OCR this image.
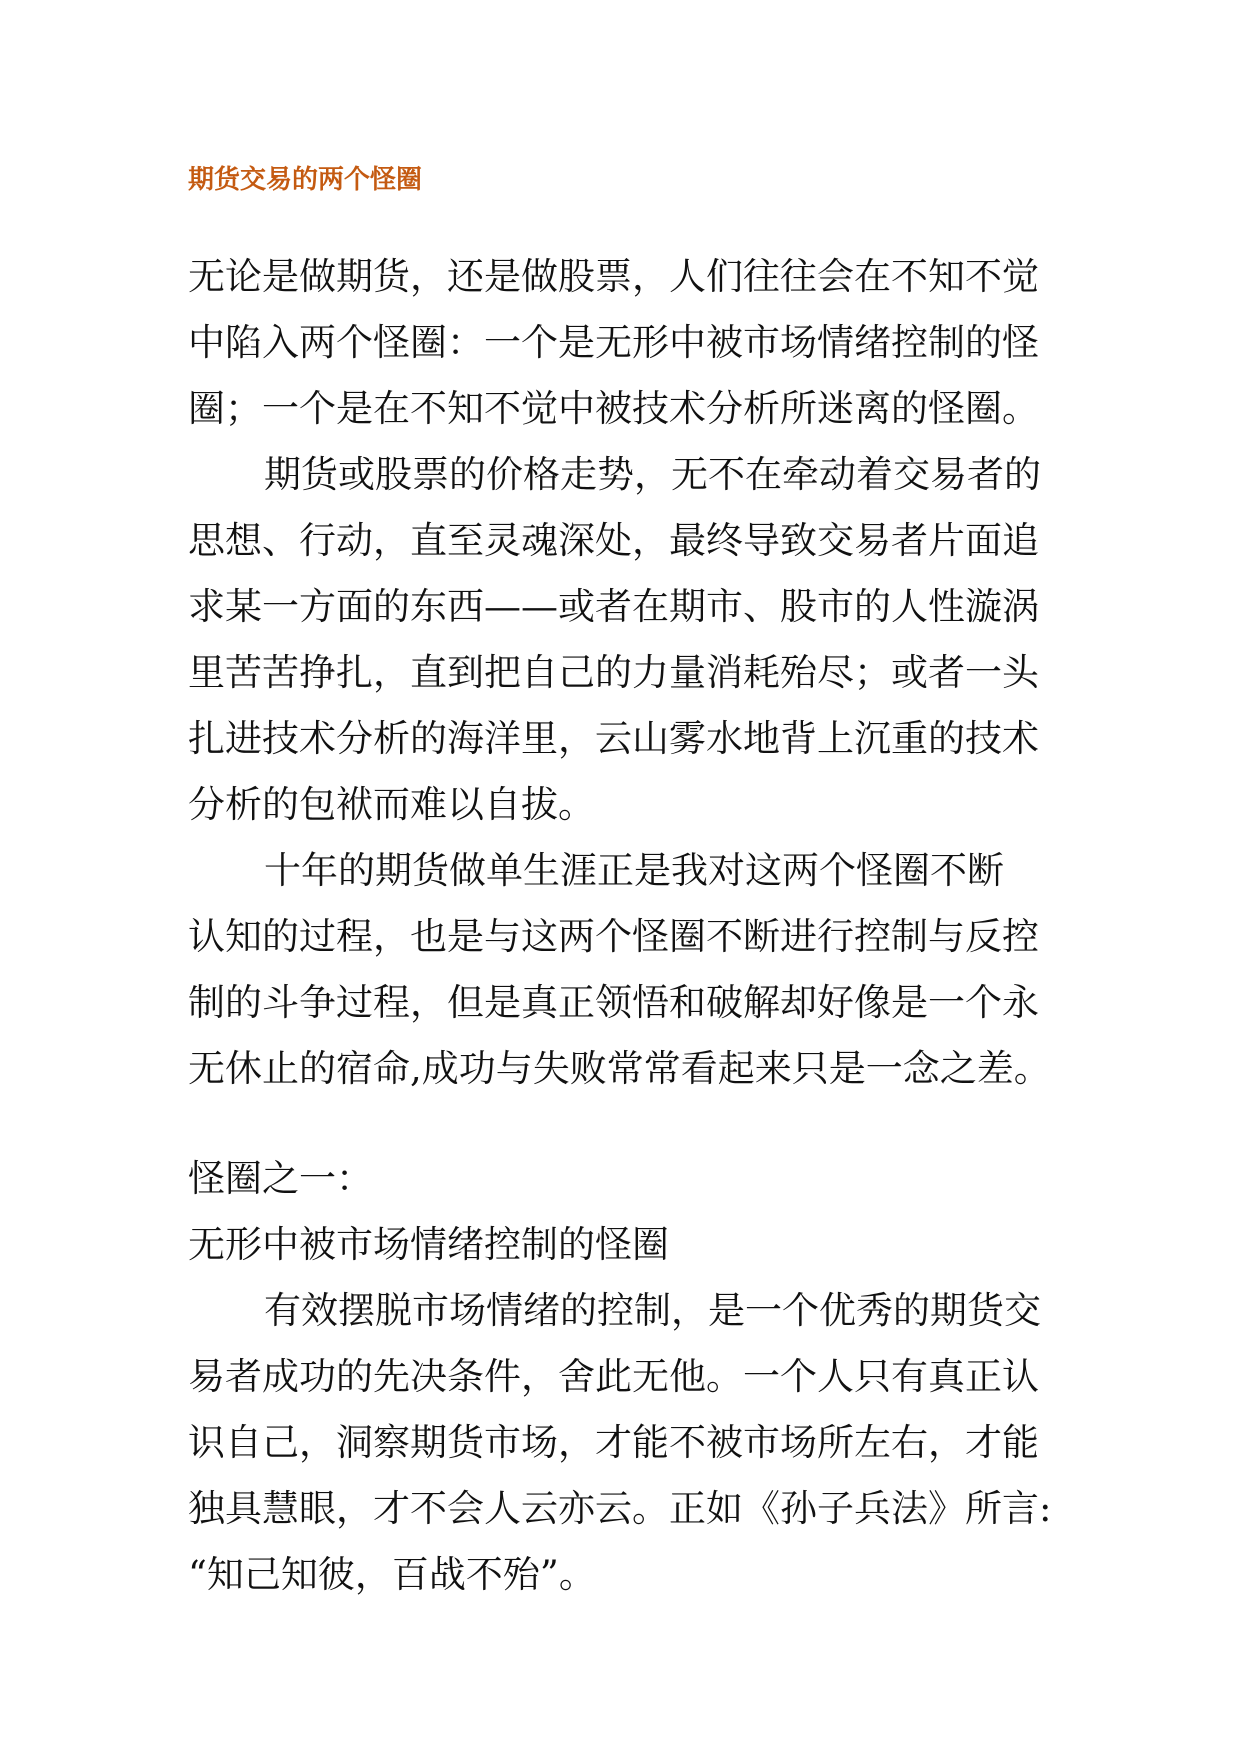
期货交易的两个怪圈
无论是做期货，还是做股票，人们往往会在不知不觉
中陷入两个怪圈：一个是无形中被市场情绪控制的怪
圈；一个是在不知不觉中被技术分析所迷离的怪圈。
期货或股票的价格走势，无不在牵动着交易者的
思想、行动，直至灵魂深处，最终导致交易者片面追
求某一方面的东西——或者在期市、股市的人性漩涡
里苦苦挣扎，直到把自己的力量消耗殆尽；或者一头
扎进技术分析的海洋里，云山雾水地背上沉重的技术
分析的包袱而难以自拔。
十年的期货做单生涯正是我对这两个怪圈不断
认知的过程，也是与这两个怪圈不断进行控制与反控
制的斗争过程，但是真正领悟和破解却好像是一个永
无休止的宿命,成功与失败常常看起来只是一念之差。
怪圈之一：
无形中被市场情绪控制的怪圈
有效摆脱市场情绪的控制，是一个优秀的期货交
易者成功的先决条件，舍此无他。一个人只有真正认
识自己，洞察期货市场，才能不被市场所左右，才能
独具慧眼，才不会人云亦云。正如《孙子兵法》所言:
“知己知彼，百战不殆”。
